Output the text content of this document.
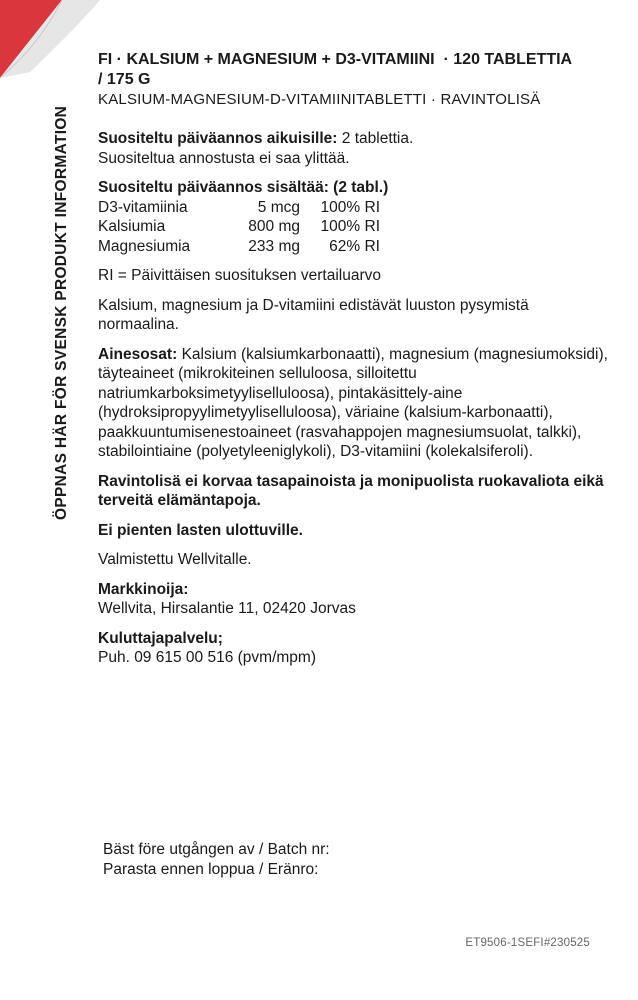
ÖPPNAS HÄR FÖR SVENSK PRODUKT INFORMATION
FI · KALSIUM + MAGNESIUM + D3-VITAMIINI  · 120 TABLETTIA
/ 175 G
KALSIUM-MAGNESIUM-D-VITAMIINITABLETTI · RAVINTOLISÄ
Suositeltu päiväannos aikuisille: 2 tablettia.
Suositeltua annostusta ei saa ylittää.
Suositeltu päiväannos sisältää: (2 tabl.)
D3-vitamiinia	5 mcg	100% RI
Kalsiumia	800 mg	100% RI
Magnesiumia	233 mg	62% RI
RI = Päivittäisen suosituksen vertailuarvo
Kalsium, magnesium ja D-vitamiini edistävät luuston pysymistä normaalina.
Ainesosat: Kalsium (kalsiumkarbonaatti), magnesium (magnesiumoksidi), täyteaineet (mikrokiteinen selluloosa, silloitettu natriumkarboksimetyyliselluloosa), pintakäsittely-aine (hydroksipropyylimetyyliselluloosa), väriaine (kalsium-karbonaatti), paakkuuntumisenestoaineet (rasvahappojen magnesiumsuolat, talkki), stabilointiaine (polyetyleeniglykoli), D3-vitamiini (kolekalsiferoli).
Ravintolisä ei korvaa tasapainoista ja monipuolista ruokavaliota eikä terveitä elämäntapoja.
Ei pienten lasten ulottuville.
Valmistettu Wellvitalle.
Markkinoija:
Wellvita, Hirsalantie 11, 02420 Jorvas
Kuluttajapalvelu;
Puh. 09 615 00 516 (pvm/mpm)
Bäst före utgången av / Batch nr:
Parasta ennen loppua / Eränro:
ET9506-1SEFI#230525
